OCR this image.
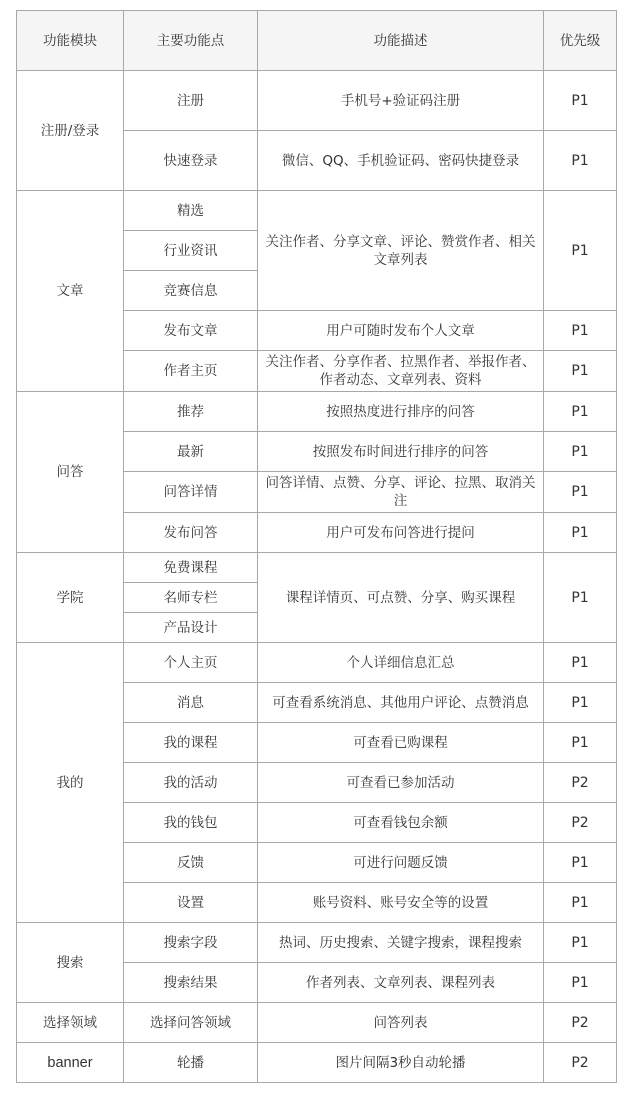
功能模块	主要功能点	功能描述	优先级
注册/登录	注册	手机号+验证码注册	P1
	快速登录	微信、QQ、手机验证码、密码快捷登录	P1
文章	精选	关注作者、分享文章、评论、赞赏作者、相关文章列表	P1
	行业资讯		
	竞赛信息		
	发布文章	用户可随时发布个人文章	P1
	作者主页	关注作者、分享作者、拉黑作者、举报作者、作者动态、文章列表、资料	P1
问答	推荐	按照热度进行排序的问答	P1
	最新	按照发布时间进行排序的问答	P1
	问答详情	问答详情、点赞、分享、评论、拉黑、取消关注	P1
	发布问答	用户可发布问答进行提问	P1
学院	免费课程	课程详情页、可点赞、分享、购买课程	P1
	名师专栏		
	产品设计		
我的	个人主页	个人详细信息汇总	P1
	消息	可查看系统消息、其他用户评论、点赞消息	P1
	我的课程	可查看已购课程	P1
	我的活动	可查看已参加活动	P2
	我的钱包	可查看钱包余额	P2
	反馈	可进行问题反馈	P1
	设置	账号资料、账号安全等的设置	P1
搜索	搜索字段	热词、历史搜索、关键字搜索，课程搜索	P1
	搜索结果	作者列表、文章列表、课程列表	P1
选择领域	选择问答领域	问答列表	P2
banner	轮播	图片间隔3秒自动轮播	P2
